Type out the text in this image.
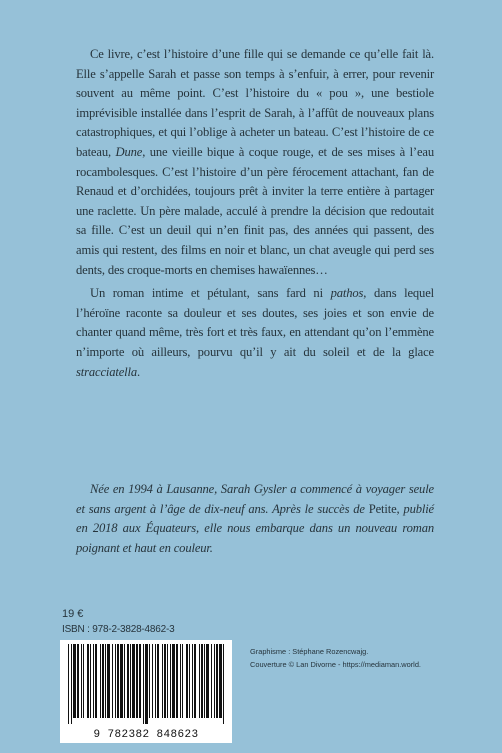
Ce livre, c’est l’histoire d’une fille qui se demande ce qu’elle fait là. Elle s’appelle Sarah et passe son temps à s’enfuir, à errer, pour revenir souvent au même point. C’est l’histoire du « pou », une bestiole imprévisible installée dans l’esprit de Sarah, à l’affût de nouveaux plans catastrophiques, et qui l’oblige à acheter un bateau. C’est l’histoire de ce bateau, Dune, une vieille bique à coque rouge, et de ses mises à l’eau rocambolesques. C’est l’histoire d’un père férocement attachant, fan de Renaud et d’orchidées, toujours prêt à inviter la terre entière à partager une raclette. Un père malade, acculé à prendre la décision que redoutait sa fille. C’est un deuil qui n’en finit pas, des années qui passent, des amis qui restent, des films en noir et blanc, un chat aveugle qui perd ses dents, des croque-morts en chemises hawaïennes…

Un roman intime et pétulant, sans fard ni pathos, dans lequel l’héroïne raconte sa douleur et ses doutes, ses joies et son envie de chanter quand même, très fort et très faux, en attendant qu’on l’emmène n’importe où ailleurs, pourvu qu’il y ait du soleil et de la glace stracciatella.

Née en 1994 à Lausanne, Sarah Gysler a commencé à voyager seule et sans argent à l’âge de dix-neuf ans. Après le succès de Petite, publié en 2018 aux Équateurs, elle nous embarque dans un nouveau roman poignant et haut en couleur.

19 €
ISBN : 978-2-3828-4862-3
Graphisme : Stéphane Rozencwajg.
Couverture © Lan Divorne - https://mediaman.world.
9 782382 848623
